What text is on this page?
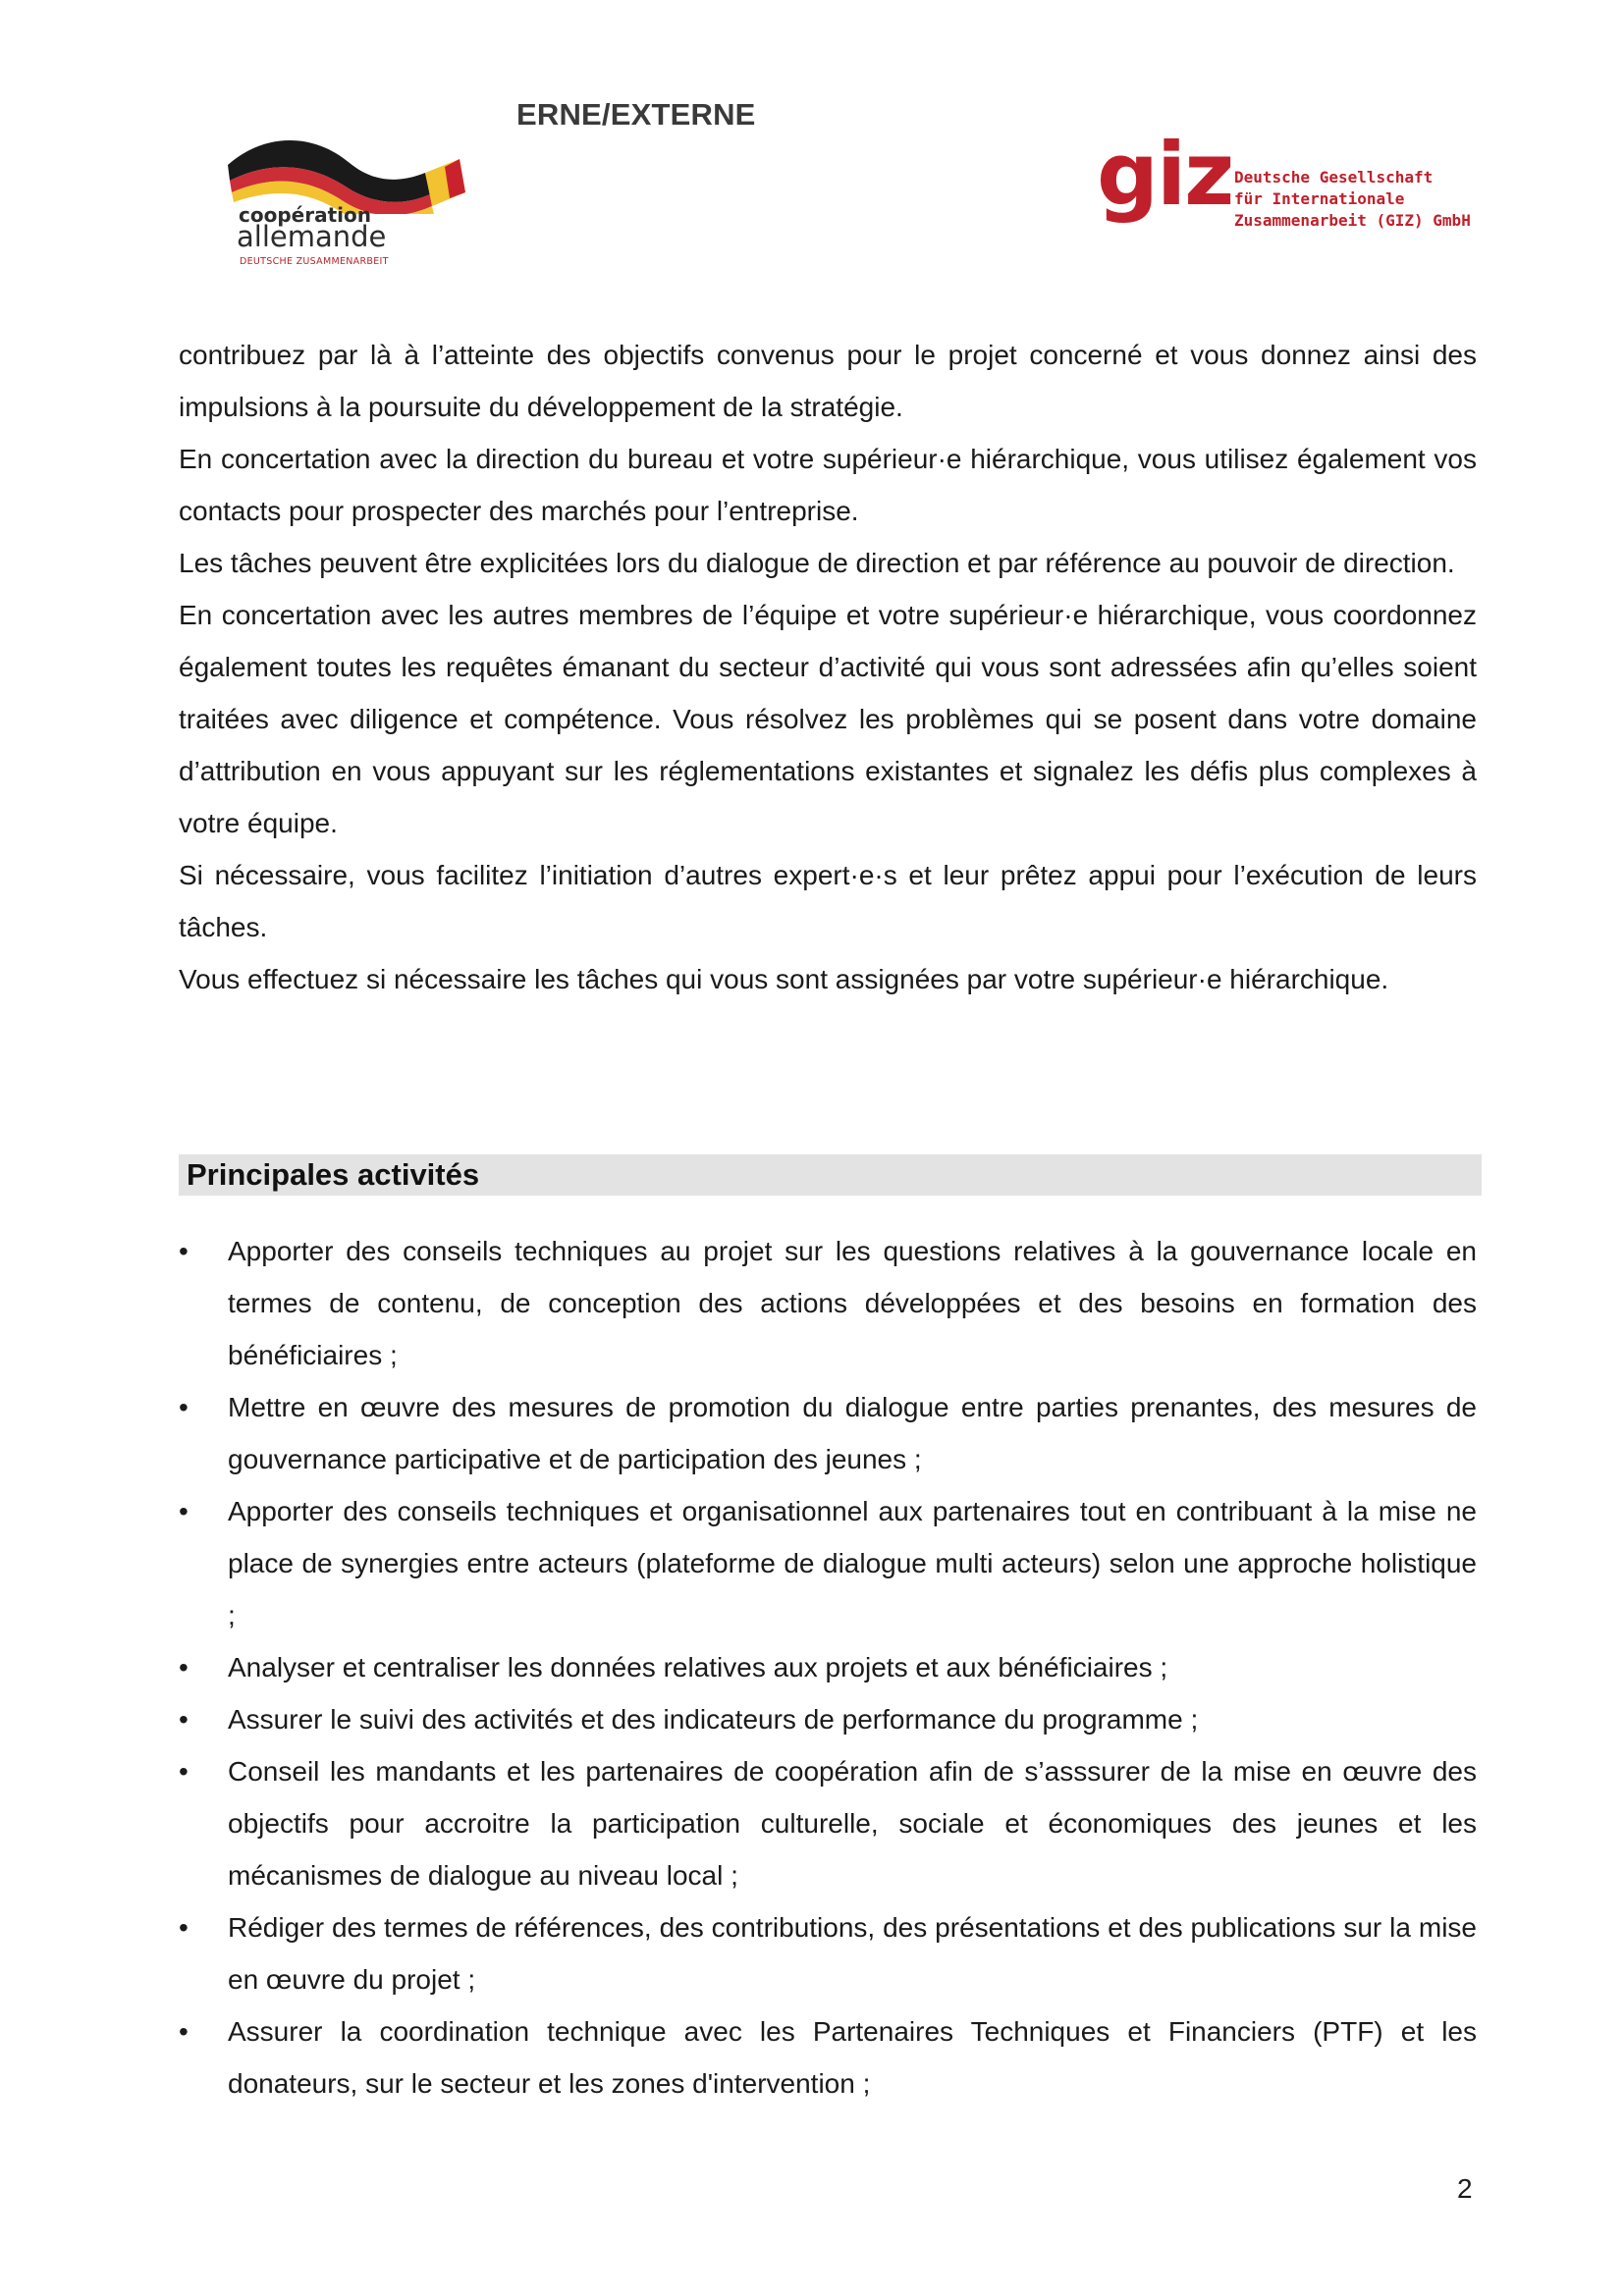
ERNE/EXTERNE
coopération
allemande
DEUTSCHE ZUSAMMENARBEIT
giz Deutsche Gesellschaft
für Internationale
Zusammenarbeit (GIZ) GmbH

contribuez par là à l’atteinte des objectifs convenus pour le projet concerné et vous donnez ainsi des impulsions à la poursuite du développement de la stratégie.

En concertation avec la direction du bureau et votre supérieur·e hiérarchique, vous utilisez également vos contacts pour prospecter des marchés pour l’entreprise.

Les tâches peuvent être explicitées lors du dialogue de direction et par référence au pouvoir de direction.

En concertation avec les autres membres de l’équipe et votre supérieur·e hiérarchique, vous coordonnez également toutes les requêtes émanant du secteur d’activité qui vous sont adressées afin qu’elles soient traitées avec diligence et compétence. Vous résolvez les problèmes qui se posent dans votre domaine d’attribution en vous appuyant sur les réglementations existantes et signalez les défis plus complexes à votre équipe.

Si nécessaire, vous facilitez l’initiation d’autres expert·e·s et leur prêtez appui pour l’exécution de leurs tâches.

Vous effectuez si nécessaire les tâches qui vous sont assignées par votre supérieur·e hiérarchique.

Principales activités
• Apporter des conseils techniques au projet sur les questions relatives à la gouvernance locale en termes de contenu, de conception des actions développées et des besoins en formation des bénéficiaires ;
• Mettre en œuvre des mesures de promotion du dialogue entre parties prenantes, des mesures de gouvernance participative et de participation des jeunes ;
• Apporter des conseils techniques et organisationnel aux partenaires tout en contribuant à la mise ne place de synergies entre acteurs (plateforme de dialogue multi acteurs) selon une approche holistique ;
• Analyser et centraliser les données relatives aux projets et aux bénéficiaires ;
• Assurer le suivi des activités et des indicateurs de performance du programme ;
• Conseil les mandants et les partenaires de coopération afin de s’asssurer de la mise en œuvre des objectifs pour accroitre la participation culturelle, sociale et économiques des jeunes et les mécanismes de dialogue au niveau local ;
• Rédiger des termes de références, des contributions, des présentations et des publications sur la mise en œuvre du projet ;
• Assurer la coordination technique avec les Partenaires Techniques et Financiers (PTF) et les donateurs, sur le secteur et les zones d'intervention ;
2
